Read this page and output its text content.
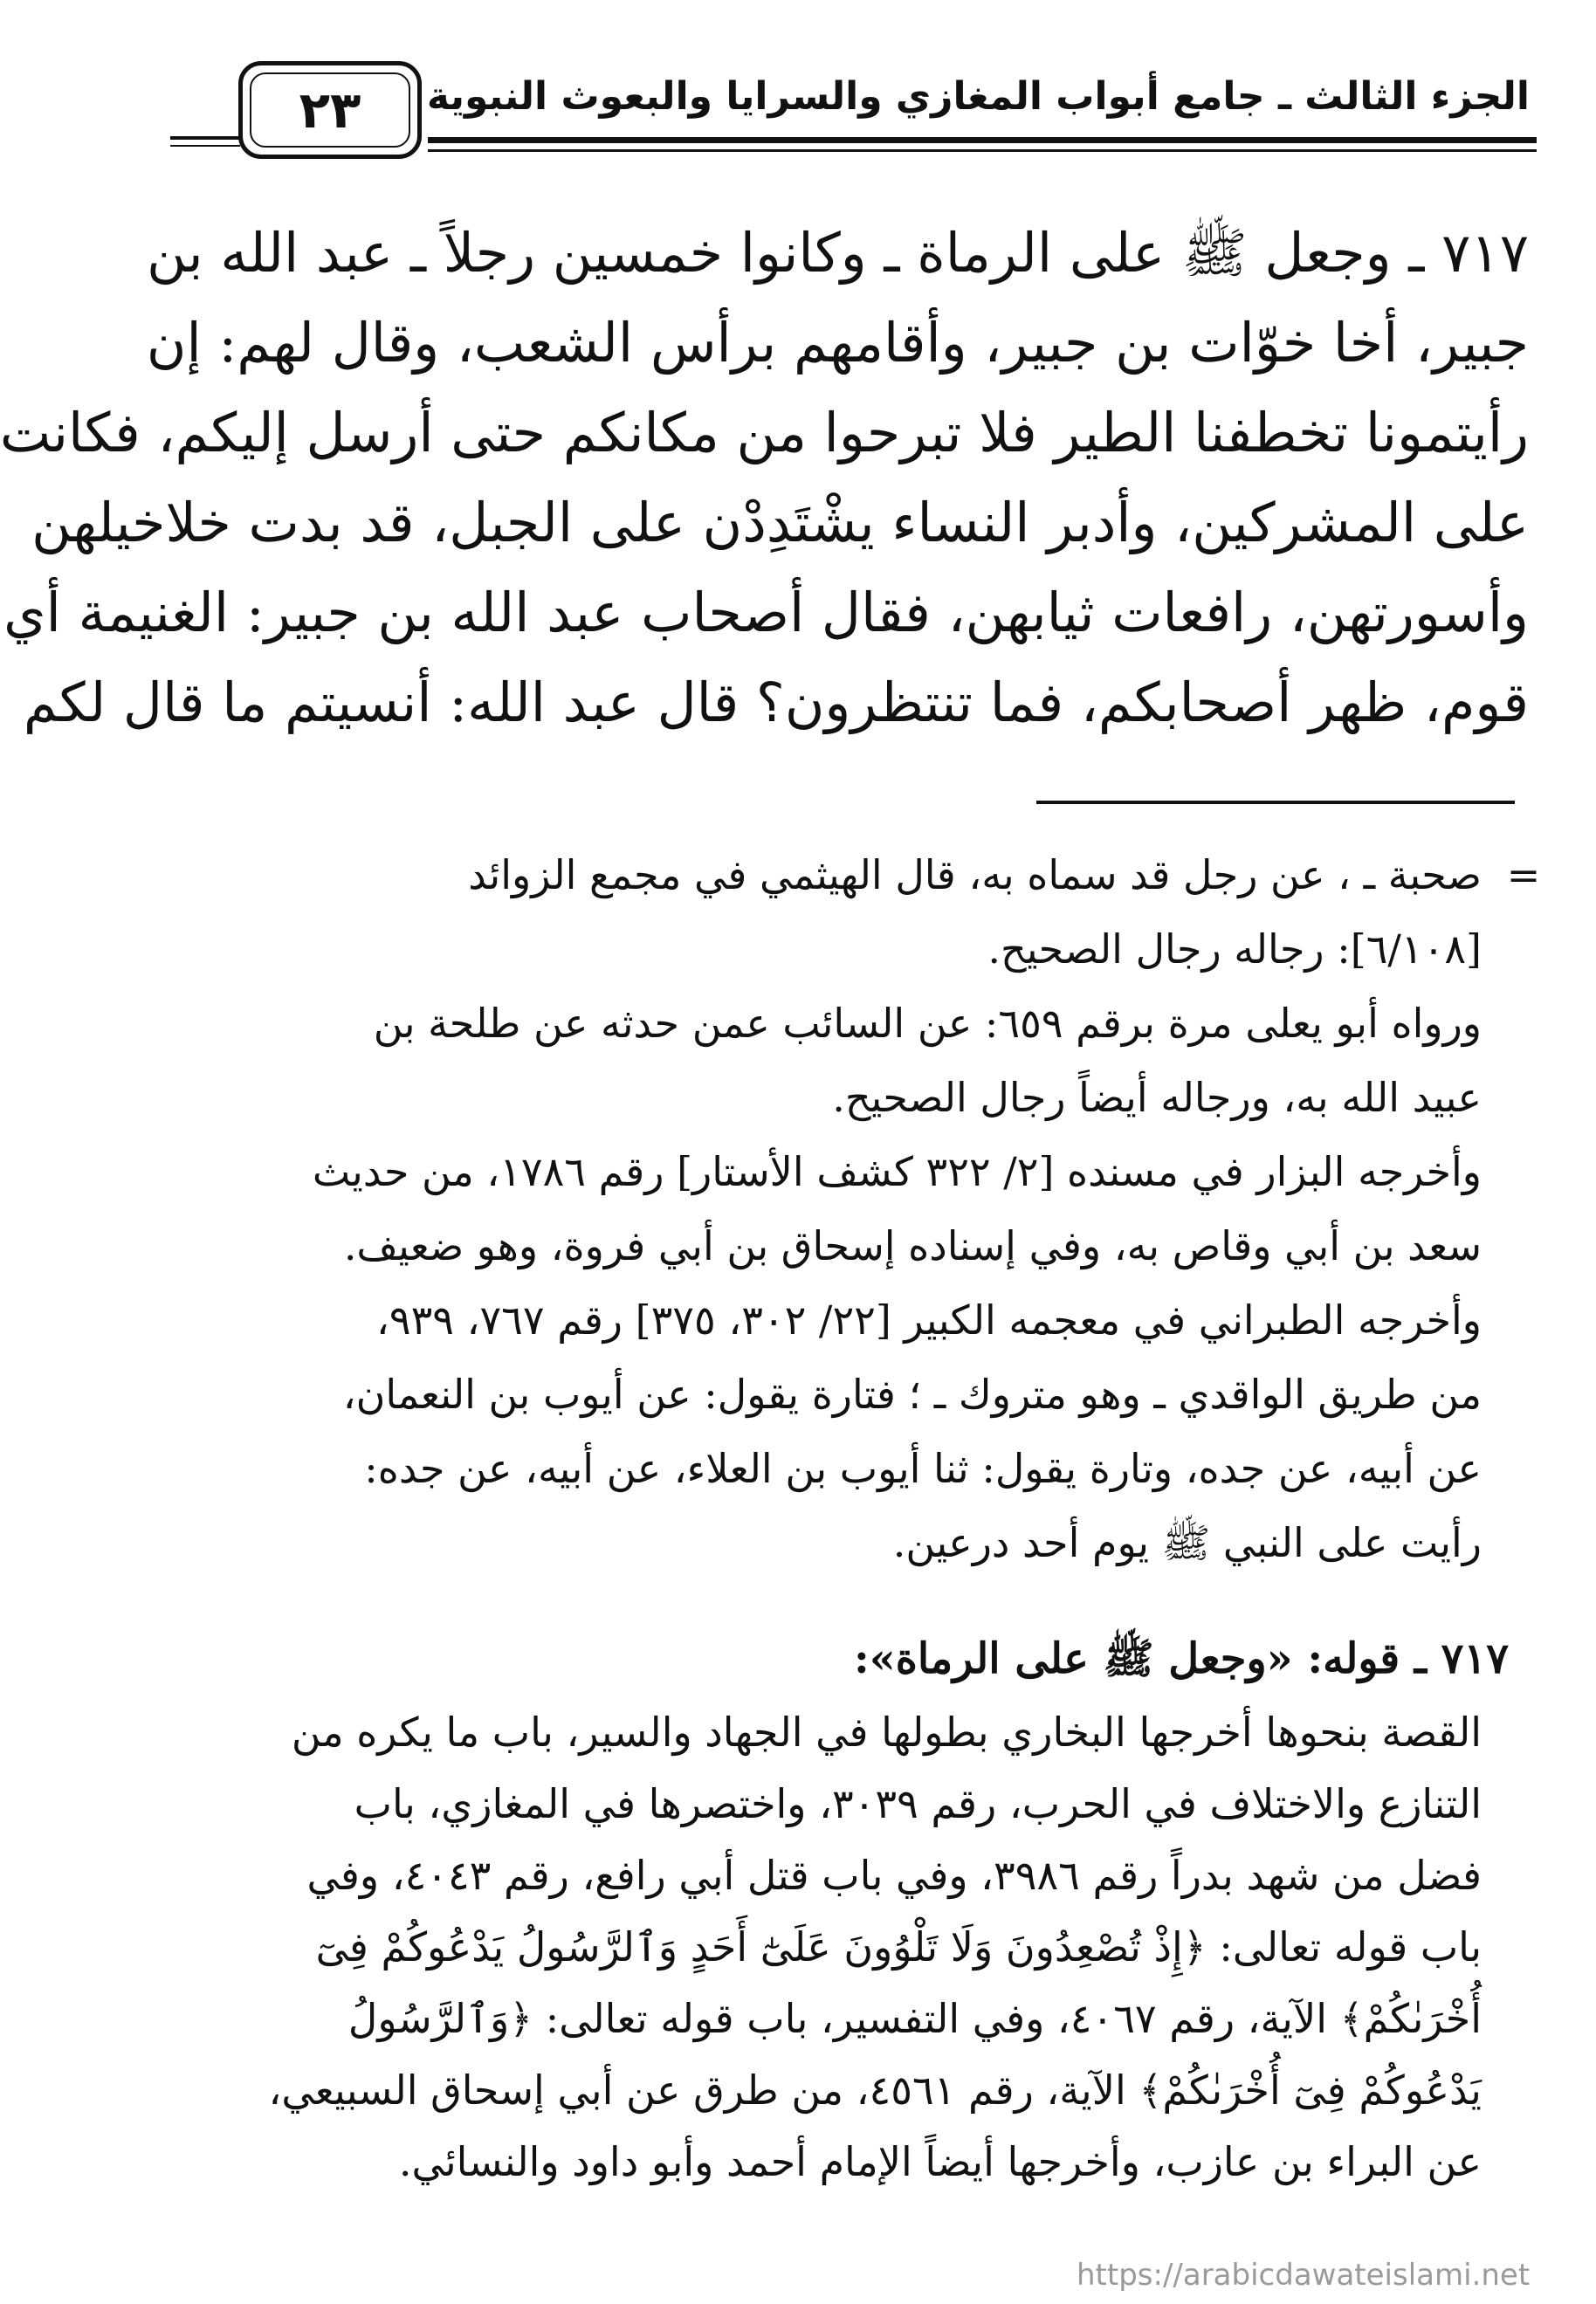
الجزء الثالث ـ جامع أبواب المغازي والسرايا والبعوث النبوية
٢٣
٧١٧ ـ وجعل ﷺ على الرماة ـ وكانوا خمسين رجلاً ـ عبد الله بن
جبير، أخا خوّات بن جبير، وأقامهم برأس الشعب، وقال لهم: إن
رأيتمونا تخطفنا الطير فلا تبرحوا من مكانكم حتى أرسل إليكم، فكانت
على المشركين، وأدبر النساء يشْتَدِدْن على الجبل، قد بدت خلاخيلهن
وأسورتهن، رافعات ثيابهن، فقال أصحاب عبد الله بن جبير: الغنيمة أي
قوم، ظهر أصحابكم، فما تنتظرون؟ قال عبد الله: أنسيتم ما قال لكم
=
صحبة ـ ، عن رجل قد سماه به، قال الهيثمي في مجمع الزوائد
[٦/١٠٨]: رجاله رجال الصحيح.
ورواه أبو يعلى مرة برقم ٦٥٩: عن السائب عمن حدثه عن طلحة بن
عبيد الله به، ورجاله أيضاً رجال الصحيح.
وأخرجه البزار في مسنده [٢/ ٣٢٢ كشف الأستار] رقم ١٧٨٦، من حديث
سعد بن أبي وقاص به، وفي إسناده إسحاق بن أبي فروة، وهو ضعيف.
وأخرجه الطبراني في معجمه الكبير [٢٢/ ٣٠٢، ٣٧٥] رقم ٧٦٧، ٩٣٩،
من طريق الواقدي ـ وهو متروك ـ ؛ فتارة يقول: عن أيوب بن النعمان،
عن أبيه، عن جده، وتارة يقول: ثنا أيوب بن العلاء، عن أبيه، عن جده:
رأيت على النبي ﷺ يوم أحد درعين.
٧١٧ ـ قوله: «وجعل ﷺ على الرماة»:
القصة بنحوها أخرجها البخاري بطولها في الجهاد والسير، باب ما يكره من
التنازع والاختلاف في الحرب، رقم ٣٠٣٩، واختصرها في المغازي، باب
فضل من شهد بدراً رقم ٣٩٨٦، وفي باب قتل أبي رافع، رقم ٤٠٤٣، وفي
باب قوله تعالى: ﴿إِذْ تُصْعِدُونَ وَلَا تَلْوُونَ عَلَىٰٓ أَحَدٍ وَٱلرَّسُولُ يَدْعُوكُمْ فِىٓ
أُخْرَىٰكُمْ﴾ الآية، رقم ٤٠٦٧، وفي التفسير، باب قوله تعالى: ﴿وَٱلرَّسُولُ
يَدْعُوكُمْ فِىٓ أُخْرَىٰكُمْ﴾ الآية، رقم ٤٥٦١، من طرق عن أبي إسحاق السبيعي،
عن البراء بن عازب، وأخرجها أيضاً الإمام أحمد وأبو داود والنسائي.
https://arabicdawateislami.net
